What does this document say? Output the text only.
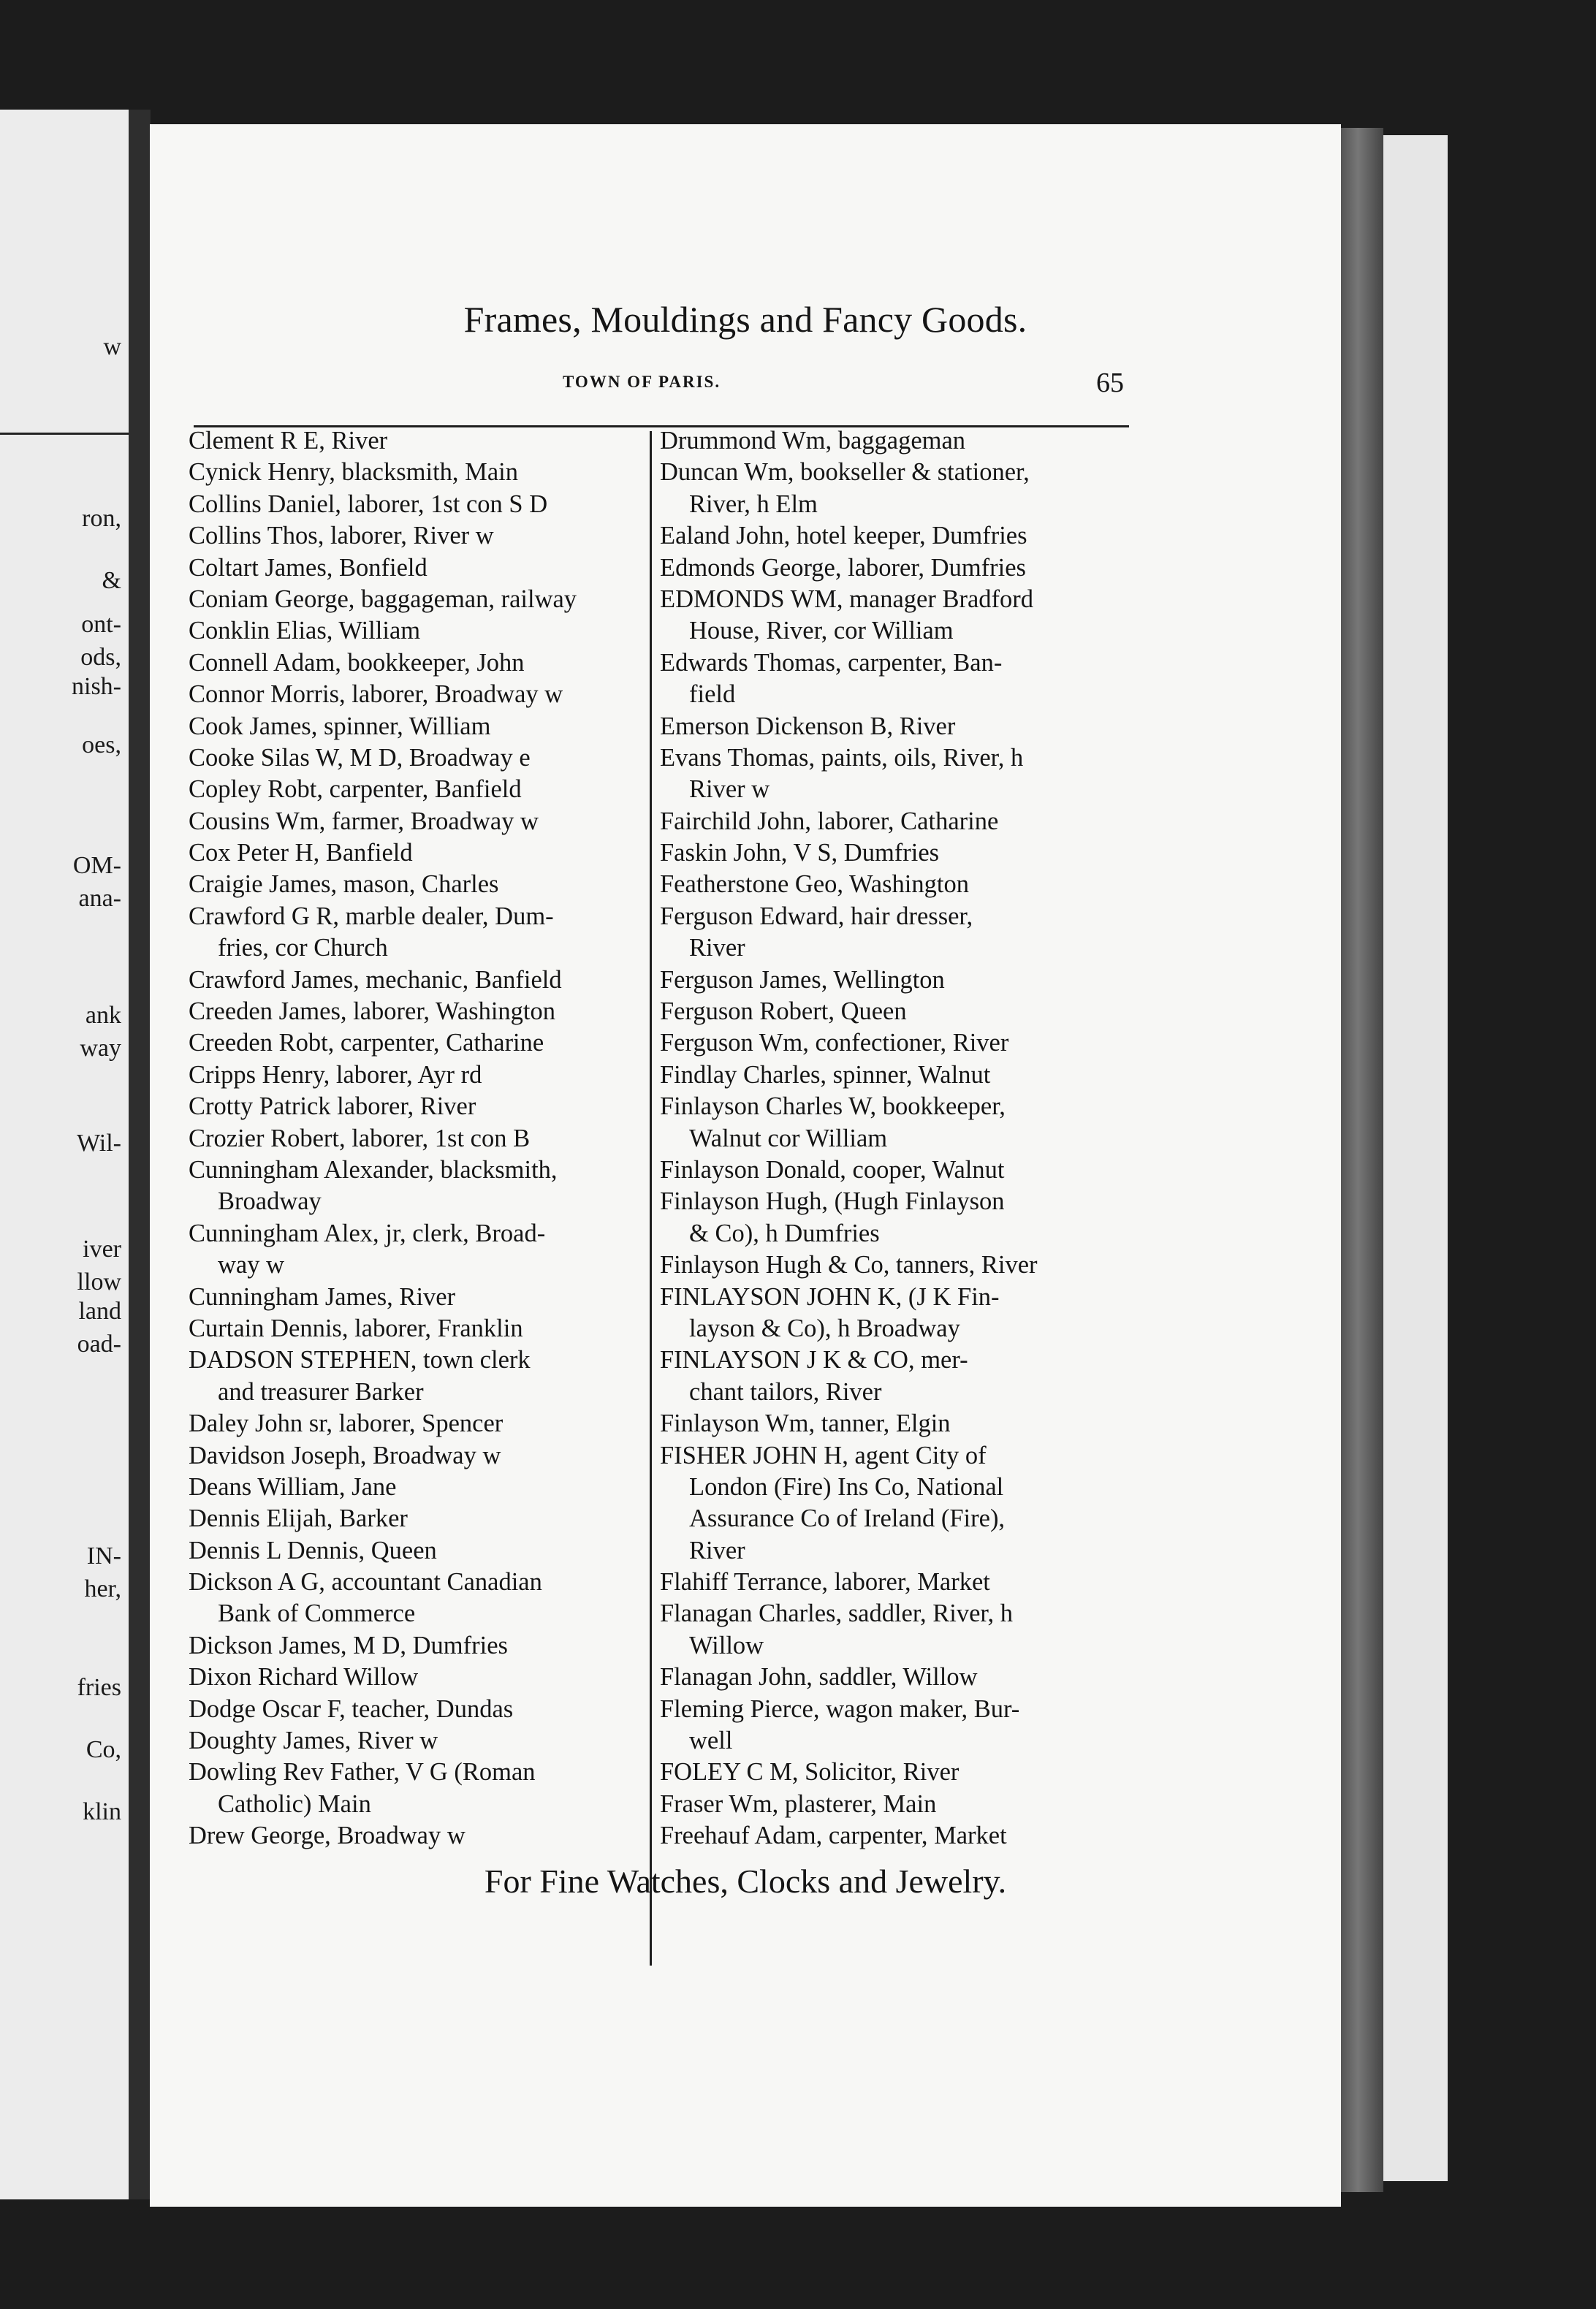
w
ron,
&
ont-
ods,
nish-
oes,
OM-
ana-
ank
way
Wil-
iver
llow
land
oad-
IN-
her,
fries
Co,
klin
Frames, Mouldings and Fancy Goods.
TOWN OF PARIS.	65
Clement R E, River
Cynick Henry, blacksmith, Main
Collins Daniel, laborer, 1st con S D
Collins Thos, laborer, River w
Coltart James, Bonfield
Coniam George, baggageman, railway
Conklin Elias, William
Connell Adam, bookkeeper, John
Connor Morris, laborer, Broadway w
Cook James, spinner, William
Cooke Silas W, M D, Broadway e
Copley Robt, carpenter, Banfield
Cousins Wm, farmer, Broadway w
Cox Peter H, Banfield
Craigie James, mason, Charles
Crawford G R, marble dealer, Dum-
fries, cor Church
Crawford James, mechanic, Banfield
Creeden James, laborer, Washington
Creeden Robt, carpenter, Catharine
Cripps Henry, laborer, Ayr rd
Crotty Patrick laborer, River
Crozier Robert, laborer, 1st con B
Cunningham Alexander, blacksmith,
Broadway
Cunningham Alex, jr, clerk, Broad-
way w
Cunningham James, River
Curtain Dennis, laborer, Franklin
DADSON STEPHEN, town clerk
and treasurer Barker
Daley John sr, laborer, Spencer
Davidson Joseph, Broadway w
Deans William, Jane
Dennis Elijah, Barker
Dennis L Dennis, Queen
Dickson A G, accountant Canadian
Bank of Commerce
Dickson James, M D, Dumfries
Dixon Richard Willow
Dodge Oscar F, teacher, Dundas
Doughty James, River w
Dowling Rev Father, V G (Roman
Catholic) Main
Drew George, Broadway w
Drummond Wm, baggageman
Duncan Wm, bookseller & stationer,
River, h Elm
Ealand John, hotel keeper, Dumfries
Edmonds George, laborer, Dumfries
EDMONDS WM, manager Bradford
House, River, cor William
Edwards Thomas, carpenter, Ban-
field
Emerson Dickenson B, River
Evans Thomas, paints, oils, River, h
River w
Fairchild John, laborer, Catharine
Faskin John, V S, Dumfries
Featherstone Geo, Washington
Ferguson Edward, hair dresser,
River
Ferguson James, Wellington
Ferguson Robert, Queen
Ferguson Wm, confectioner, River
Findlay Charles, spinner, Walnut
Finlayson Charles W, bookkeeper,
Walnut cor William
Finlayson Donald, cooper, Walnut
Finlayson Hugh, (Hugh Finlayson
& Co), h Dumfries
Finlayson Hugh & Co, tanners, River
FINLAYSON JOHN K, (J K Fin-
layson & Co), h Broadway
FINLAYSON J K & CO, mer-
chant tailors, River
Finlayson Wm, tanner, Elgin
FISHER JOHN H, agent City of
London (Fire) Ins Co, National
Assurance Co of Ireland (Fire),
River
Flahiff Terrance, laborer, Market
Flanagan Charles, saddler, River, h
Willow
Flanagan John, saddler, Willow
Fleming Pierce, wagon maker, Bur-
well
FOLEY C M, Solicitor, River
Fraser Wm, plasterer, Main
Freehauf Adam, carpenter, Market
For Fine Watches, Clocks and Jewelry.
